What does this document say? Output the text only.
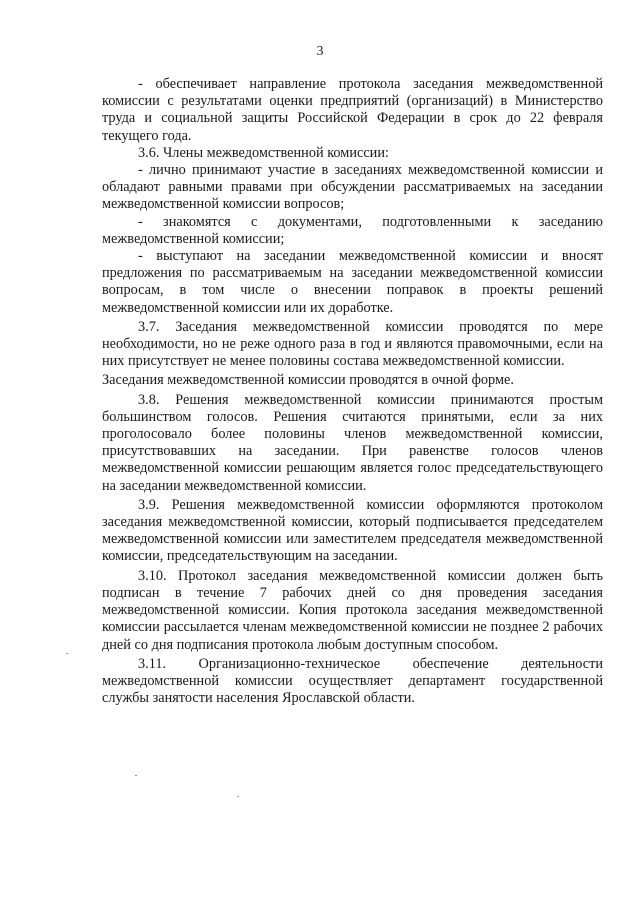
3

- обеспечивает направление протокола заседания межведомственной комиссии с результатами оценки предприятий (организаций) в Министерство труда и социальной защиты Российской Федерации в срок до 22 февраля текущего года.

3.6. Члены межведомственной комиссии:

- лично принимают участие в заседаниях межведомственной комиссии и обладают равными правами при обсуждении рассматриваемых на заседании межведомственной комиссии вопросов;

- знакомятся с документами, подготовленными к заседанию межведомственной комиссии;

- выступают на заседании межведомственной комиссии и вносят предложения по рассматриваемым на заседании межведомственной комиссии вопросам, в том числе о внесении поправок в проекты решений межведомственной комиссии или их доработке.

3.7. Заседания межведомственной комиссии проводятся по мере необходимости, но не реже одного раза в год и являются правомочными, если на них присутствует не менее половины состава межведомственной комиссии.

Заседания межведомственной комиссии проводятся в очной форме.

3.8. Решения межведомственной комиссии принимаются простым большинством голосов. Решения считаются принятыми, если за них проголосовало более половины членов межведомственной комиссии, присутствовавших на заседании. При равенстве голосов членов межведомственной комиссии решающим является голос председательствующего на заседании межведомственной комиссии.

3.9. Решения межведомственной комиссии оформляются протоколом заседания межведомственной комиссии, который подписывается председателем межведомственной комиссии или заместителем председателя межведомственной комиссии, председательствующим на заседании.

3.10. Протокол заседания межведомственной комиссии должен быть подписан в течение 7 рабочих дней со дня проведения заседания межведомственной комиссии. Копия протокола заседания межведомственной комиссии рассылается членам межведомственной комиссии не позднее 2 рабочих дней со дня подписания протокола любым доступным способом.

3.11. Организационно-техническое обеспечение деятельности межведомственной комиссии осуществляет департамент государственной службы занятости населения Ярославской области.
